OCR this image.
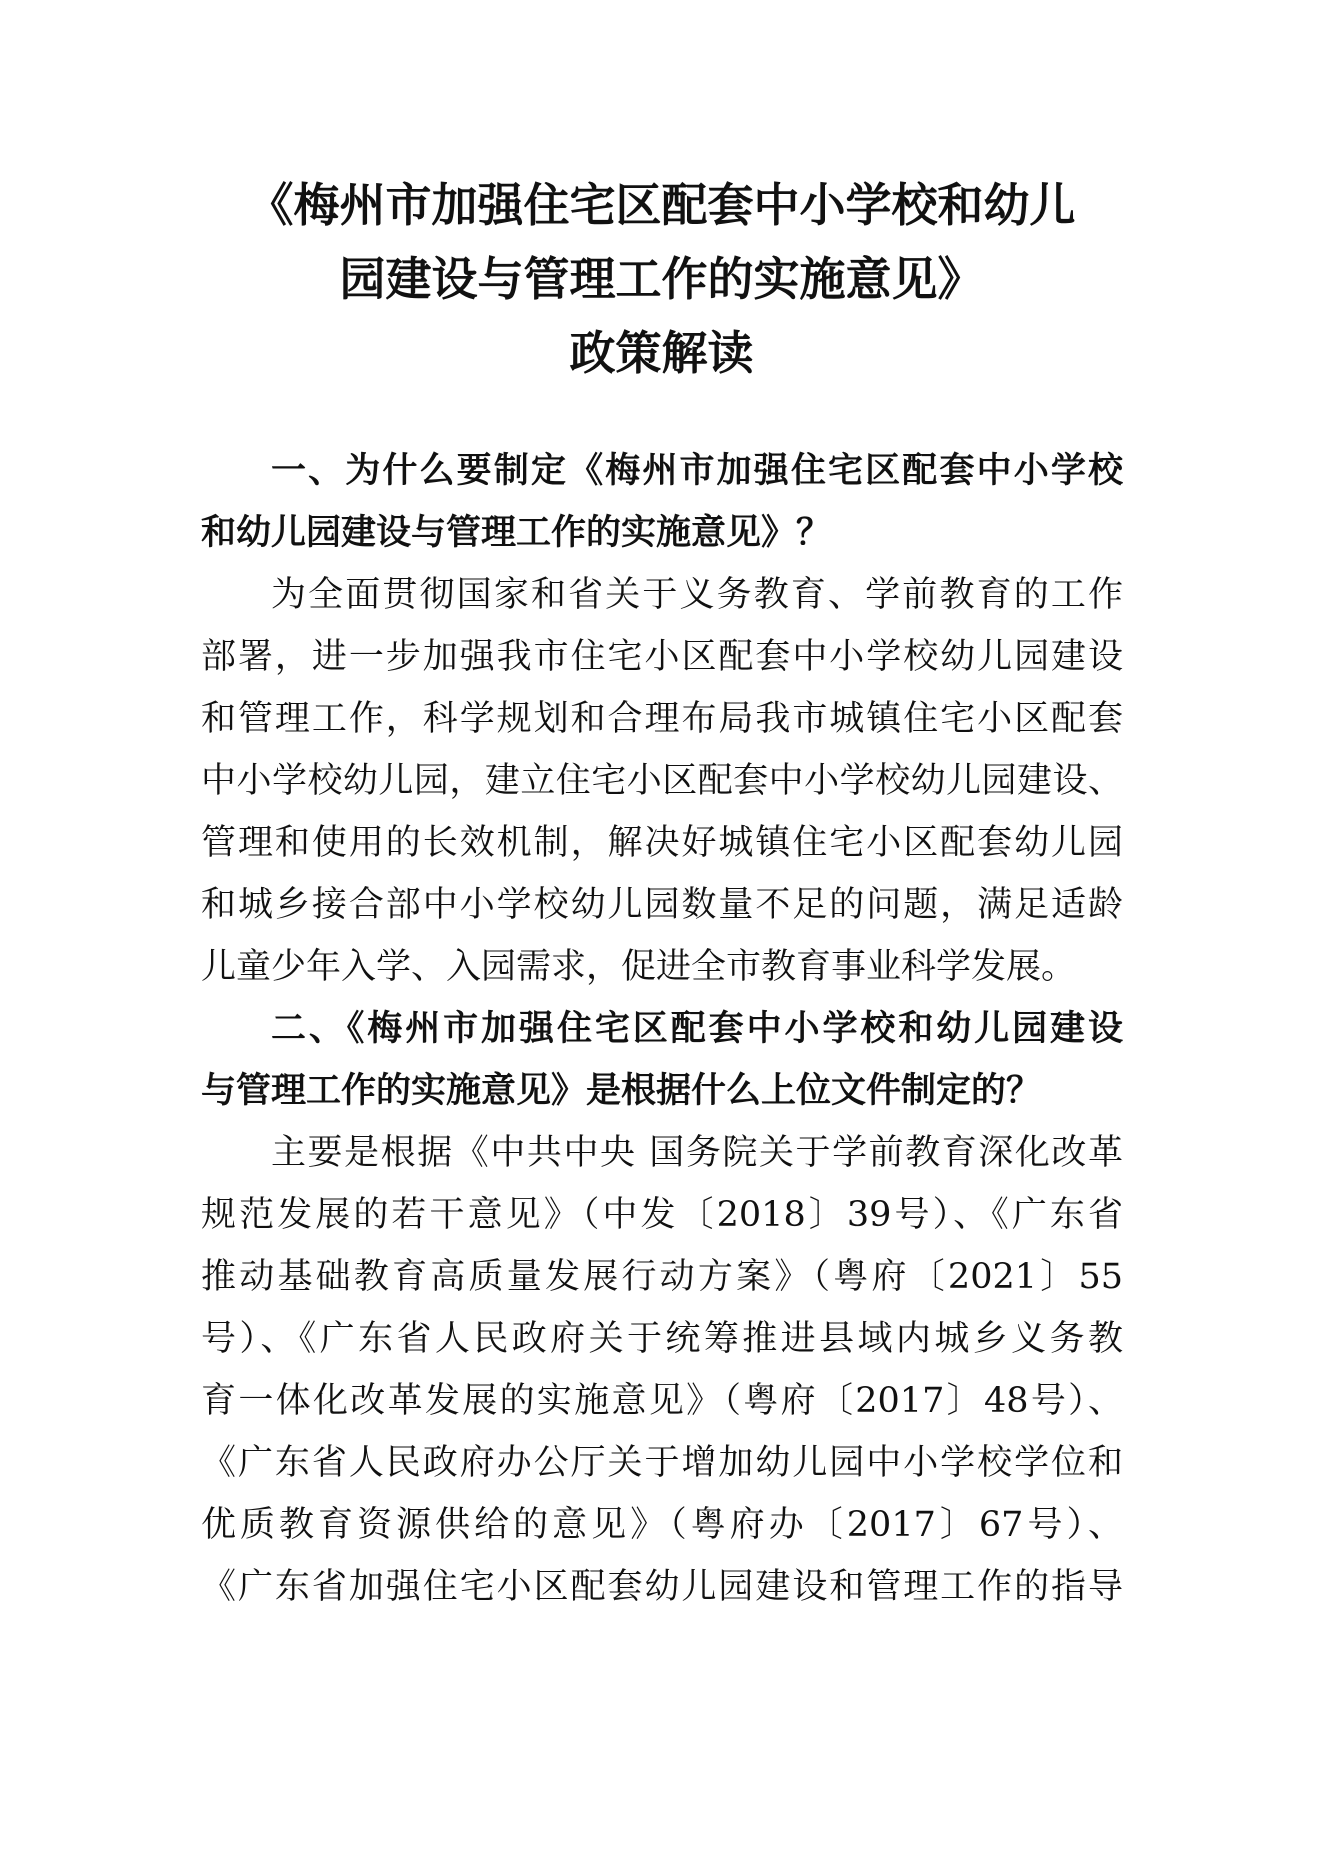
《梅州市加强住宅区配套中小学校和幼儿
园建设与管理工作的实施意见》
政策解读
一、为什么要制定《梅州市加强住宅区配套中小学校
和幼儿园建设与管理工作的实施意见》？
为全面贯彻国家和省关于义务教育、学前教育的工作
部署，进一步加强我市住宅小区配套中小学校幼儿园建设
和管理工作，科学规划和合理布局我市城镇住宅小区配套
中小学校幼儿园，建立住宅小区配套中小学校幼儿园建设、
管理和使用的长效机制，解决好城镇住宅小区配套幼儿园
和城乡接合部中小学校幼儿园数量不足的问题，满足适龄
儿童少年入学、入园需求，促进全市教育事业科学发展。
二、《梅州市加强住宅区配套中小学校和幼儿园建设
与管理工作的实施意见》是根据什么上位文件制定的？
主要是根据《中共中央 国务院关于学前教育深化改革
规范发展的若干意见》（中发〔2018〕39号）、《广东省
推动基础教育高质量发展行动方案》（粤府〔2021〕55
号）、《广东省人民政府关于统筹推进县域内城乡义务教
育一体化改革发展的实施意见》（粤府〔2017〕48号）、
《广东省人民政府办公厅关于增加幼儿园中小学校学位和
优质教育资源供给的意见》（粤府办〔2017〕67号）、
《广东省加强住宅小区配套幼儿园建设和管理工作的指导
